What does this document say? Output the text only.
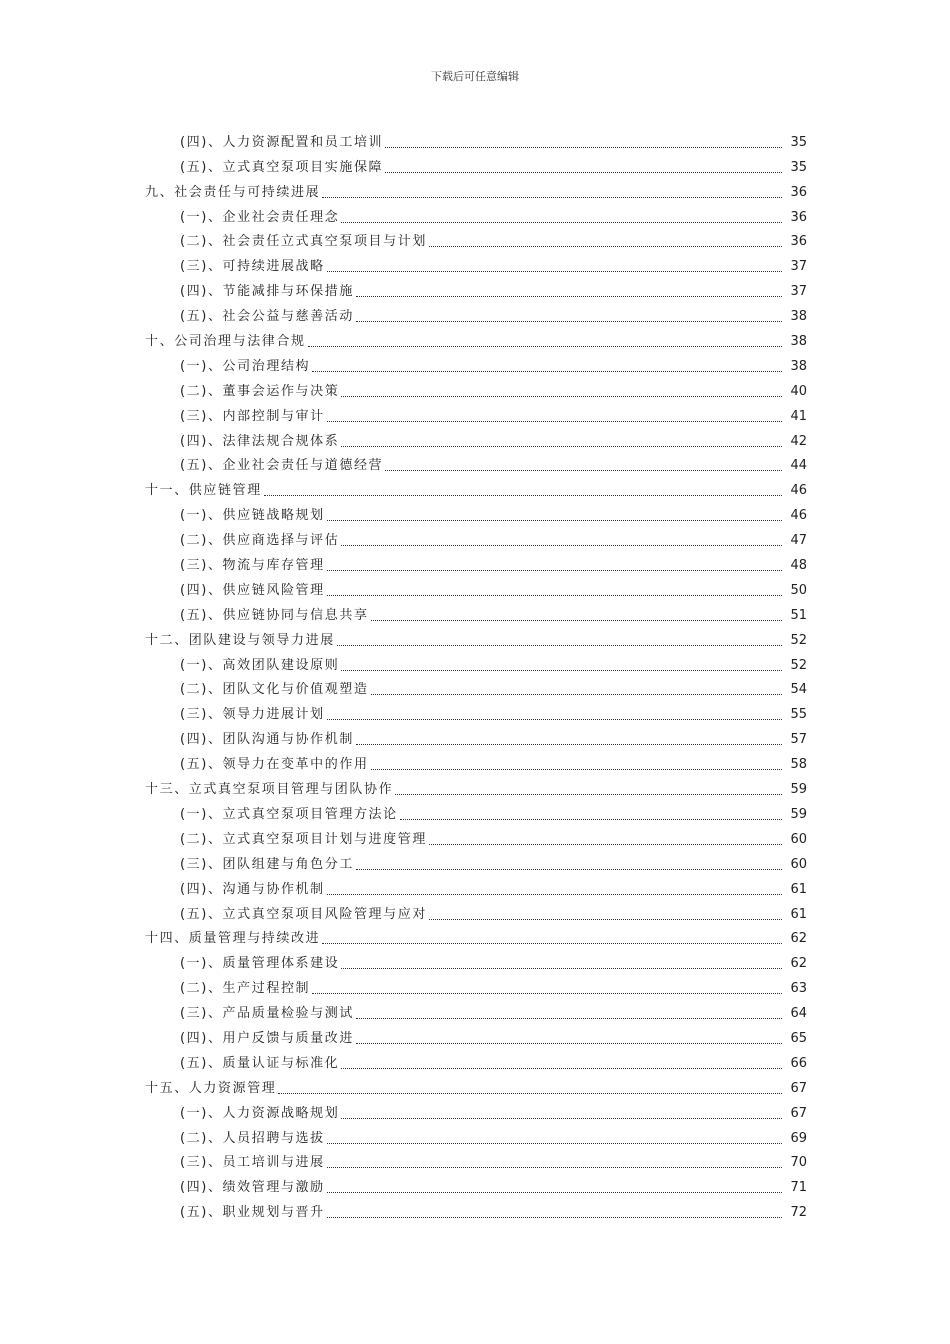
下载后可任意编辑
(四)、人力资源配置和员工培训	35
(五)、立式真空泵项目实施保障	35
九、社会责任与可持续进展	36
(一)、企业社会责任理念	36
(二)、社会责任立式真空泵项目与计划	36
(三)、可持续进展战略	37
(四)、节能减排与环保措施	37
(五)、社会公益与慈善活动	38
十、公司治理与法律合规	38
(一)、公司治理结构	38
(二)、董事会运作与决策	40
(三)、内部控制与审计	41
(四)、法律法规合规体系	42
(五)、企业社会责任与道德经营	44
十一、供应链管理	46
(一)、供应链战略规划	46
(二)、供应商选择与评估	47
(三)、物流与库存管理	48
(四)、供应链风险管理	50
(五)、供应链协同与信息共享	51
十二、团队建设与领导力进展	52
(一)、高效团队建设原则	52
(二)、团队文化与价值观塑造	54
(三)、领导力进展计划	55
(四)、团队沟通与协作机制	57
(五)、领导力在变革中的作用	58
十三、立式真空泵项目管理与团队协作	59
(一)、立式真空泵项目管理方法论	59
(二)、立式真空泵项目计划与进度管理	60
(三)、团队组建与角色分工	60
(四)、沟通与协作机制	61
(五)、立式真空泵项目风险管理与应对	61
十四、质量管理与持续改进	62
(一)、质量管理体系建设	62
(二)、生产过程控制	63
(三)、产品质量检验与测试	64
(四)、用户反馈与质量改进	65
(五)、质量认证与标准化	66
十五、人力资源管理	67
(一)、人力资源战略规划	67
(二)、人员招聘与选拔	69
(三)、员工培训与进展	70
(四)、绩效管理与激励	71
(五)、职业规划与晋升	72
